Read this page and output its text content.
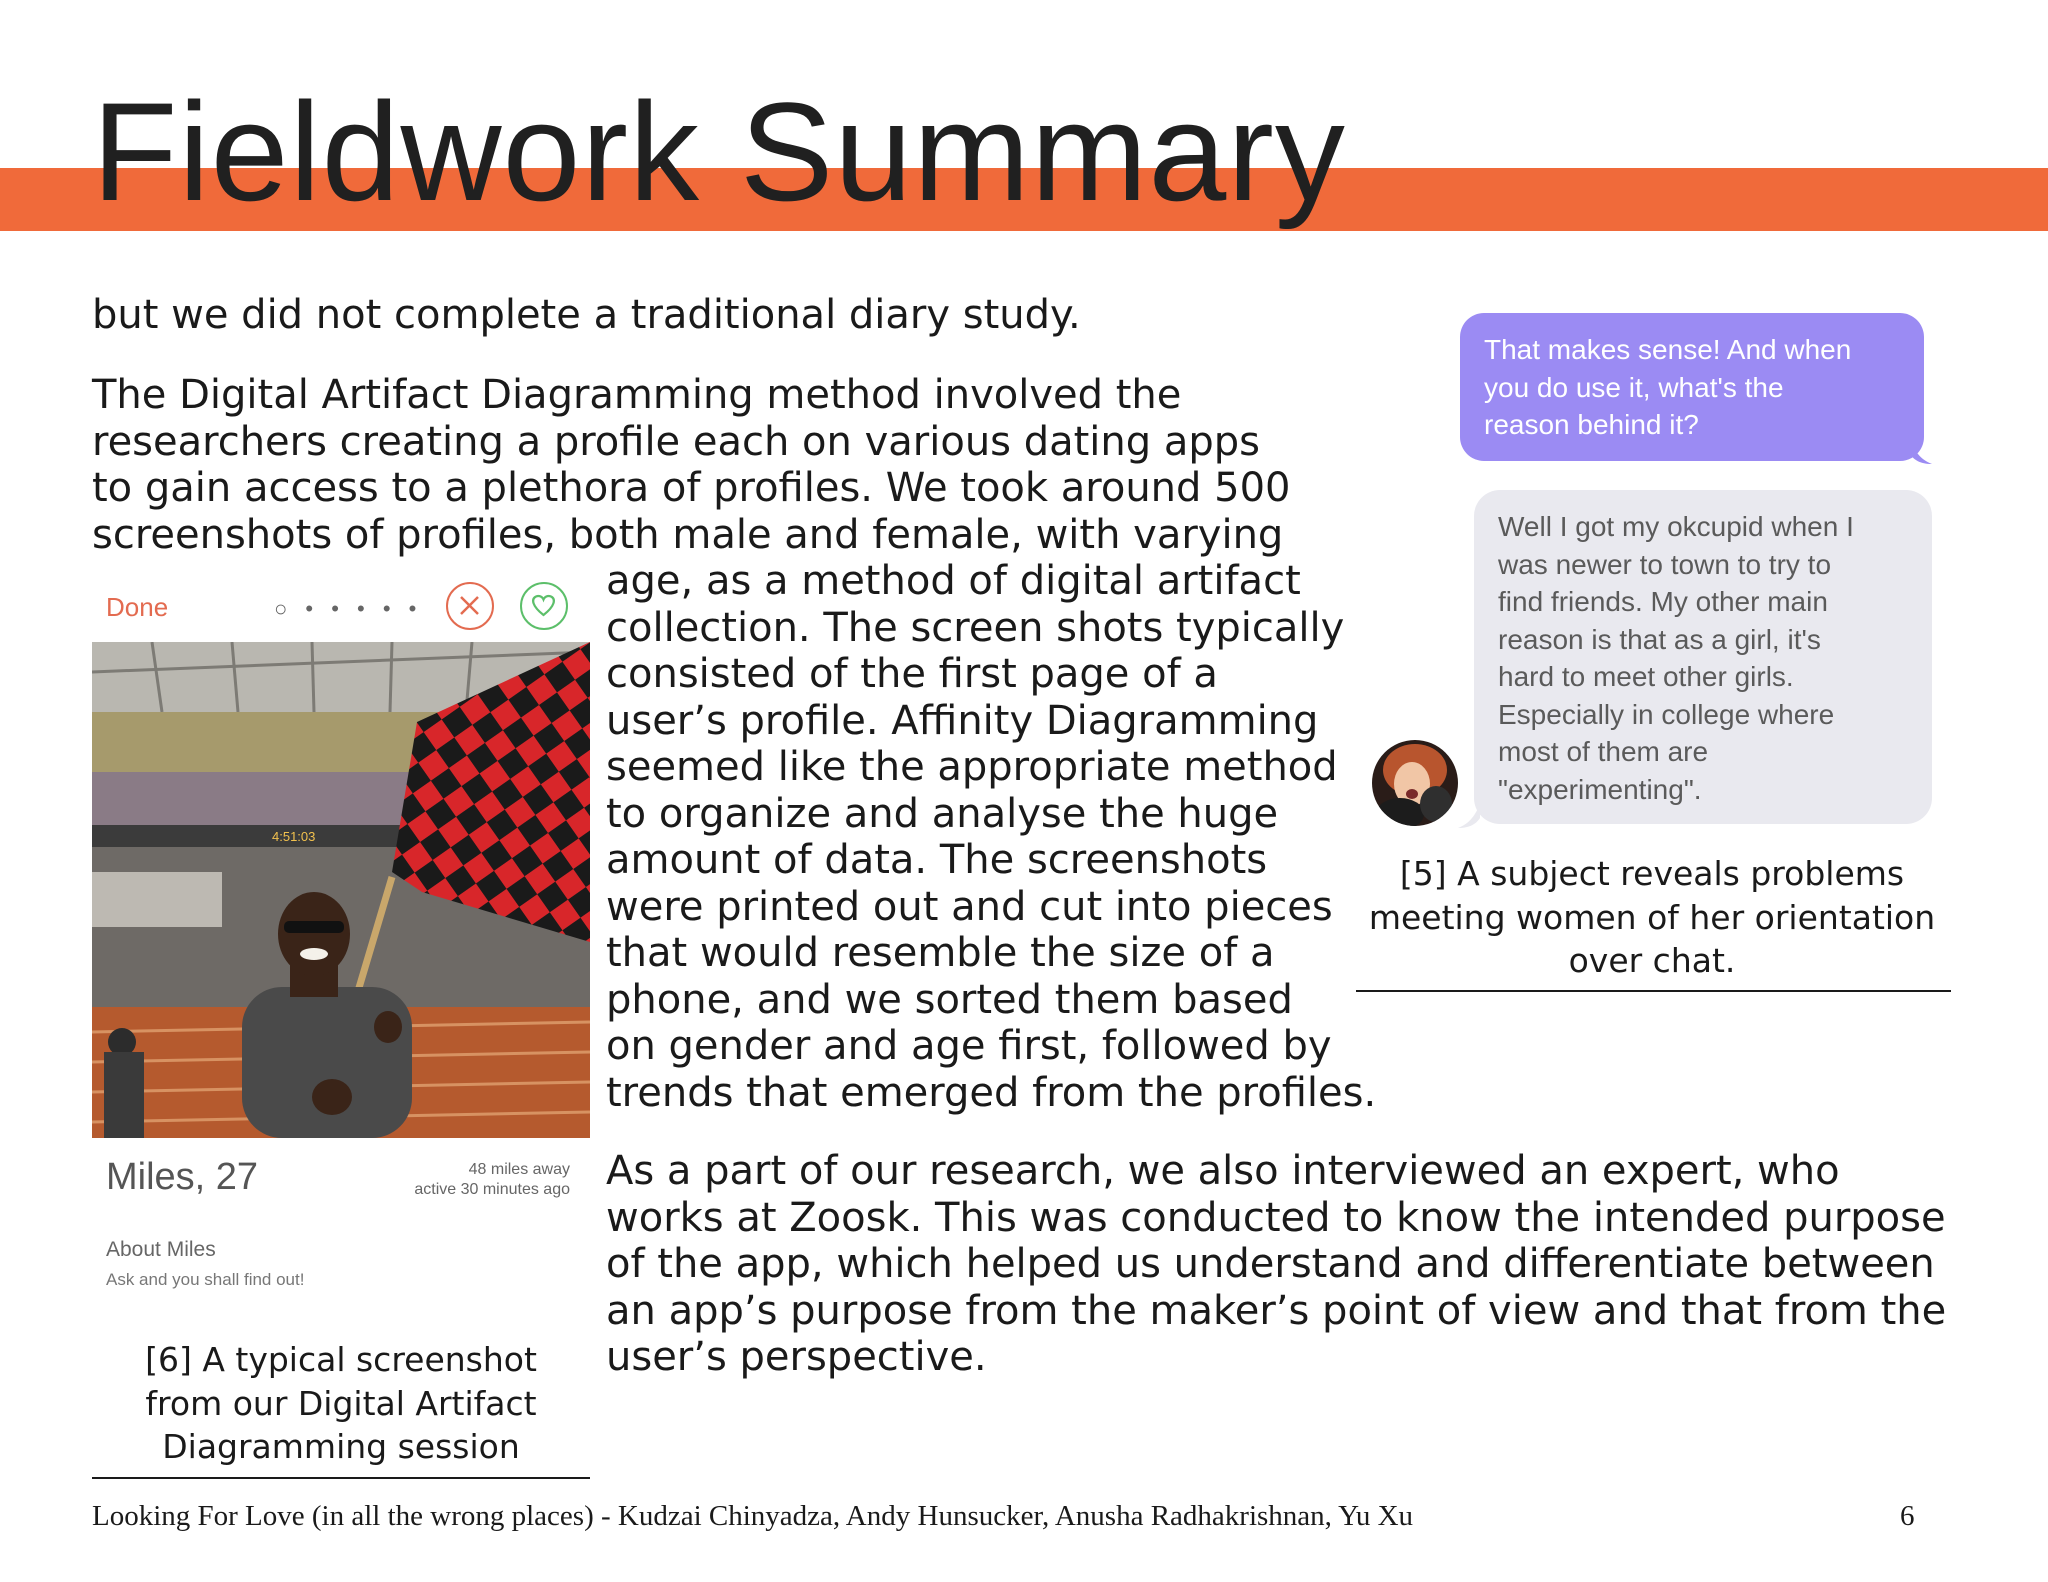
Fieldwork Summary

but we did not complete a traditional diary study.

The Digital Artifact Diagramming method involved the
researchers creating a profile each on various dating apps
to gain access to a plethora of profiles. We took around 500
screenshots of profiles, both male and female, with varying

age, as a method of digital artifact
collection. The screen shots typically
consisted of the first page of a
user’s profile. Affinity Diagramming
seemed like the appropriate method
to organize and analyse the huge
amount of data. The screenshots
were printed out and cut into pieces
that would resemble the size of a
phone, and we sorted them based
on gender and age first, followed by
trends that emerged from the profiles.

As a part of our research, we also interviewed an expert, who
works at Zoosk. This was conducted to know the intended purpose
of the app, which helped us understand and differentiate between
an app’s purpose from the maker’s point of view and that from the
user’s perspective.

Done	○ • • • • •
4:51:03
Miles, 27	48 miles away
active 30 minutes ago
About Miles
Ask and you shall find out!
[6] A typical screenshot
from our Digital Artifact
Diagramming session
That makes sense! And when
you do use it, what's the
reason behind it?
Well I got my okcupid when I
was newer to town to try to
find friends. My other main
reason is that as a girl, it's
hard to meet other girls.
Especially in college where
most of them are
"experimenting".
[5] A subject reveals problems
meeting women of her orientation
over chat.

Looking For Love (in all the wrong places) - Kudzai Chinyadza, Andy Hunsucker, Anusha Radhakrishnan, Yu Xu	6
